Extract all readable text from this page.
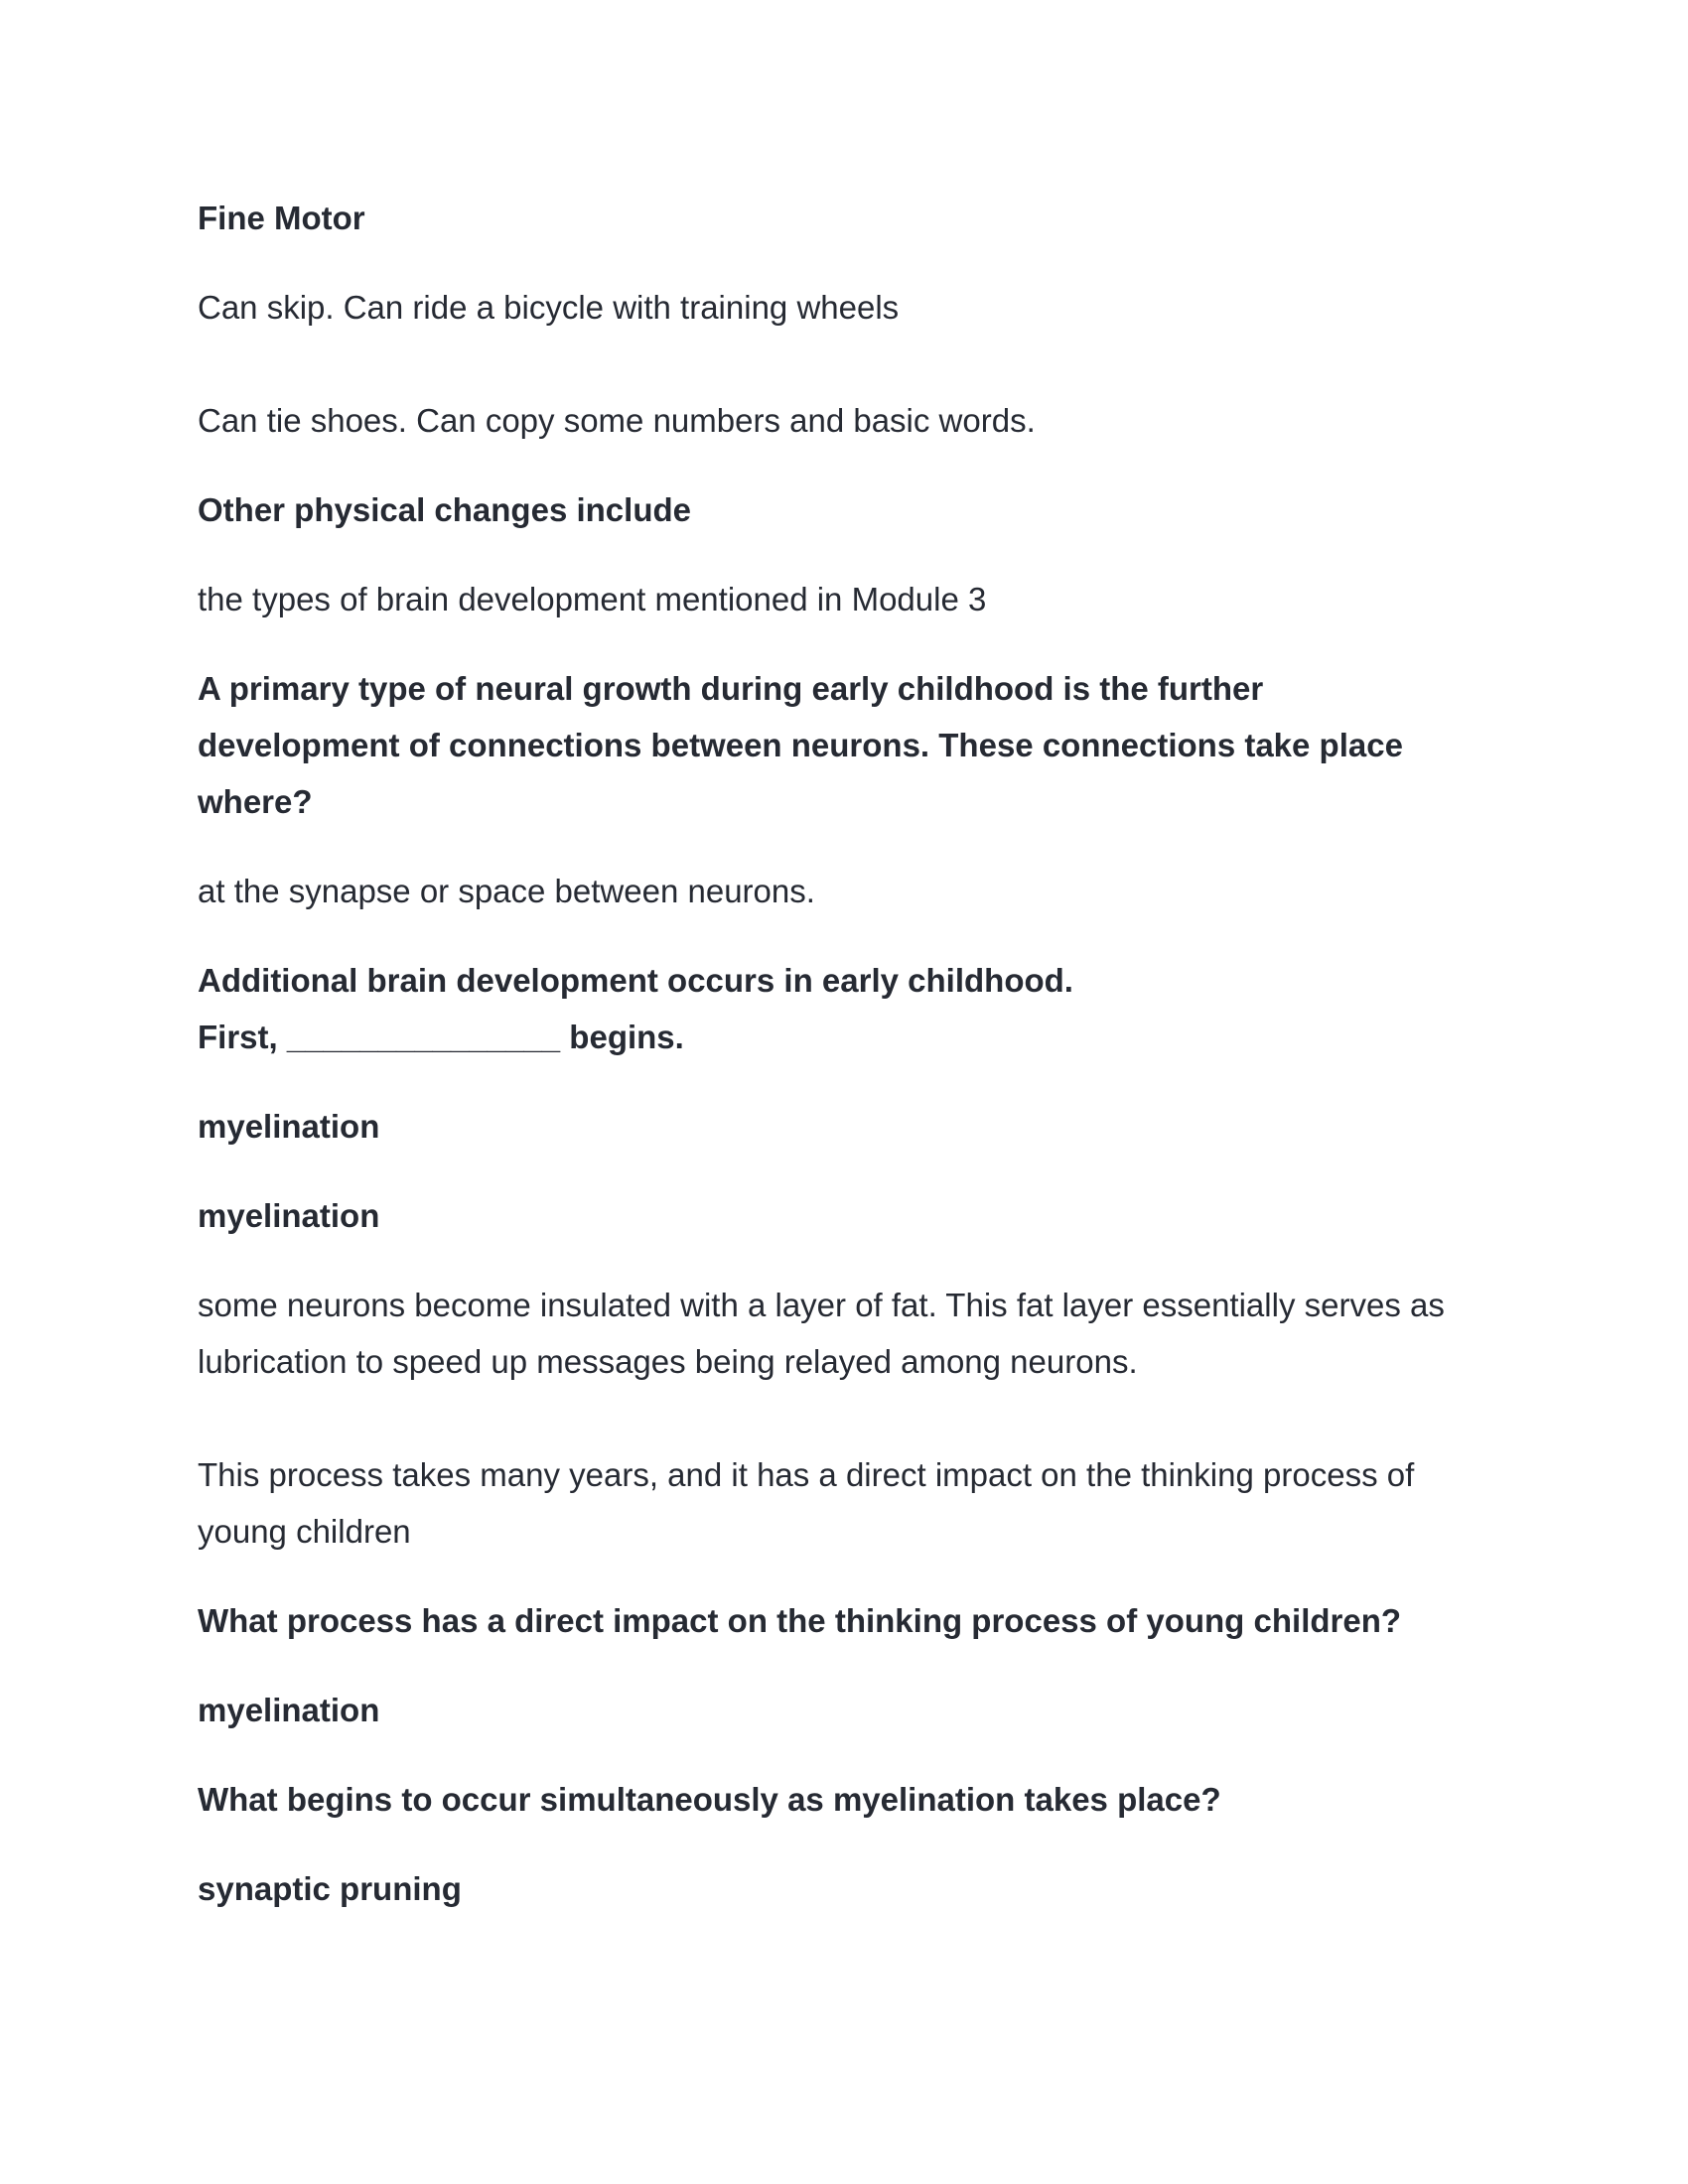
Fine Motor

Can skip. Can ride a bicycle with training wheels

Can tie shoes. Can copy some numbers and basic words.

Other physical changes include

the types of brain development mentioned in Module 3

A primary type of neural growth during early childhood is the further
development of connections between neurons. These connections take place
where?

at the synapse or space between neurons.

Additional brain development occurs in early childhood.
First, _______________ begins.

myelination

myelination

some neurons become insulated with a layer of fat. This fat layer essentially serves as
lubrication to speed up messages being relayed among neurons.
This process takes many years, and it has a direct impact on the thinking process of
young children

What process has a direct impact on the thinking process of young children?

myelination

What begins to occur simultaneously as myelination takes place?

synaptic pruning
